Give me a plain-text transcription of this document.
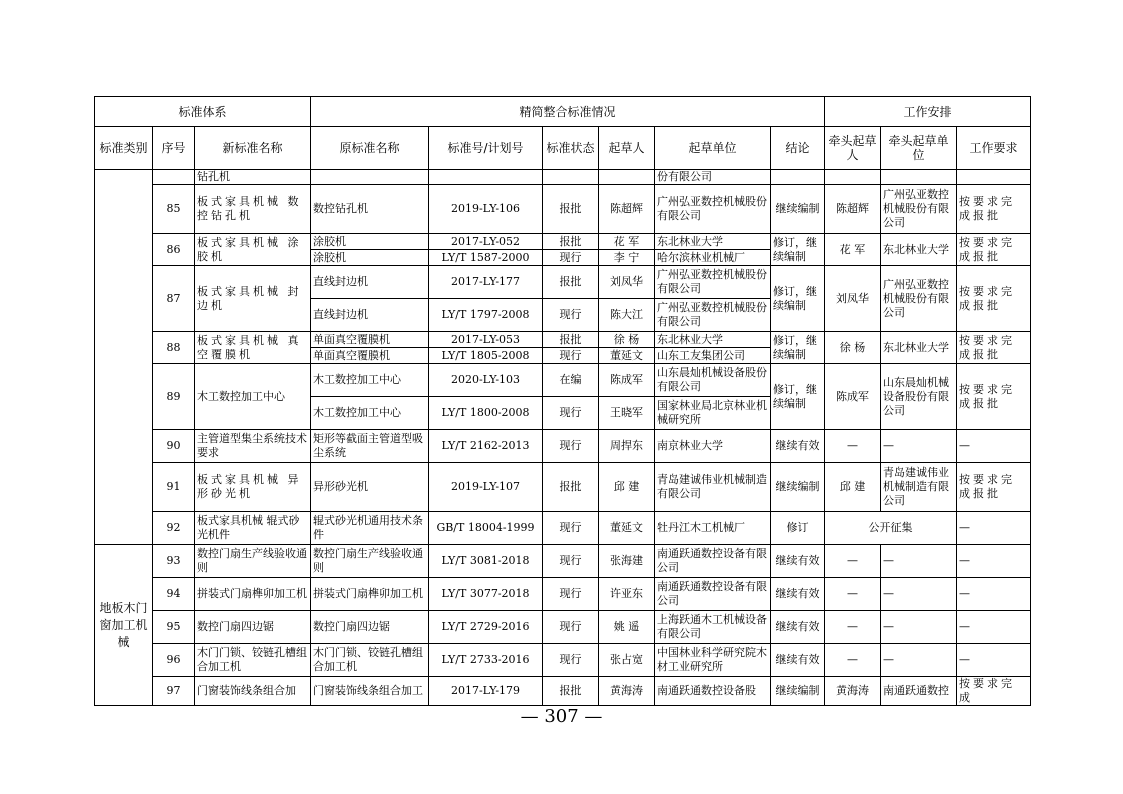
标准体系			精简整合标准情况						工作安排		
标准类别	序号	新标准名称	原标准名称	标准号/计划号	标准状态	起草人	起草单位	结论	牵头起草人	牵头起草单位	工作要求
		钻孔机					份有限公司				
	85	板式家具机械 数控钻孔机	数控钻孔机	2019-LY-106	报批	陈超辉	广州弘亚数控机械股份有限公司	继续编制	陈超辉	广州弘亚数控机械股份有限公司	按要求完成报批
	86	板式家具机械 涂胶机	涂胶机	2017-LY-052	报批	花 军	东北林业大学	修订，继续编制	花 军	东北林业大学	按要求完成报批
			涂胶机	LY/T 1587-2000	现行	李 宁	哈尔滨林业机械厂				
	87	板式家具机械 封边机	直线封边机	2017-LY-177	报批	刘凤华	广州弘亚数控机械股份有限公司	修订，继续编制	刘凤华	广州弘亚数控机械股份有限公司	按要求完成报批
			直线封边机	LY/T 1797-2008	现行	陈大江	广州弘亚数控机械股份有限公司				
	88	板式家具机械 真空覆膜机	单面真空覆膜机	2017-LY-053	报批	徐 杨	东北林业大学	修订，继续编制	徐 杨	东北林业大学	按要求完成报批
			单面真空覆膜机	LY/T 1805-2008	现行	董延文	山东工友集团公司				
	89	木工数控加工中心	木工数控加工中心	2020-LY-103	在编	陈成军	山东晨灿机械设备股份有限公司	修订，继续编制	陈成军	山东晨灿机械设备股份有限公司	按要求完成报批
			木工数控加工中心	LY/T 1800-2008	现行	王晓军	国家林业局北京林业机械研究所				
	90	主管道型集尘系统技术要求	矩形等截面主管道型吸尘系统	LY/T 2162-2013	现行	周捍东	南京林业大学	继续有效	—	—	—
	91	板式家具机械 异形砂光机	异形砂光机	2019-LY-107	报批	邱 建	青岛建诚伟业机械制造有限公司	继续编制	邱 建	青岛建诚伟业机械制造有限公司	按要求完成报批
	92	板式家具机械 辊式砂光机件	辊式砂光机通用技术条件	GB/T 18004-1999	现行	董延文	牡丹江木工机械厂	修订	公开征集		—
地板木门窗加工机械	93	数控门扇生产线验收通则	数控门扇生产线验收通则	LY/T 3081-2018	现行	张海建	南通跃通数控设备有限公司	继续有效	—	—	—
	94	拼装式门扇榫卯加工机	拼装式门扇榫卯加工机	LY/T 3077-2018	现行	许亚东	南通跃通数控设备有限公司	继续有效	—	—	—
	95	数控门扇四边锯	数控门扇四边锯	LY/T 2729-2016	现行	姚 遥	上海跃通木工机械设备有限公司	继续有效	—	—	—
	96	木门门锁、铰链孔槽组合加工机	木门门锁、铰链孔槽组合加工机	LY/T 2733-2016	现行	张占宽	中国林业科学研究院木材工业研究所	继续有效	—	—	—
	97	门窗装饰线条组合加	门窗装饰线条组合加工	2017-LY-179	报批	黄海涛	南通跃通数控设备股	继续编制	黄海涛	南通跃通数控	按要求完成
— 307 —
